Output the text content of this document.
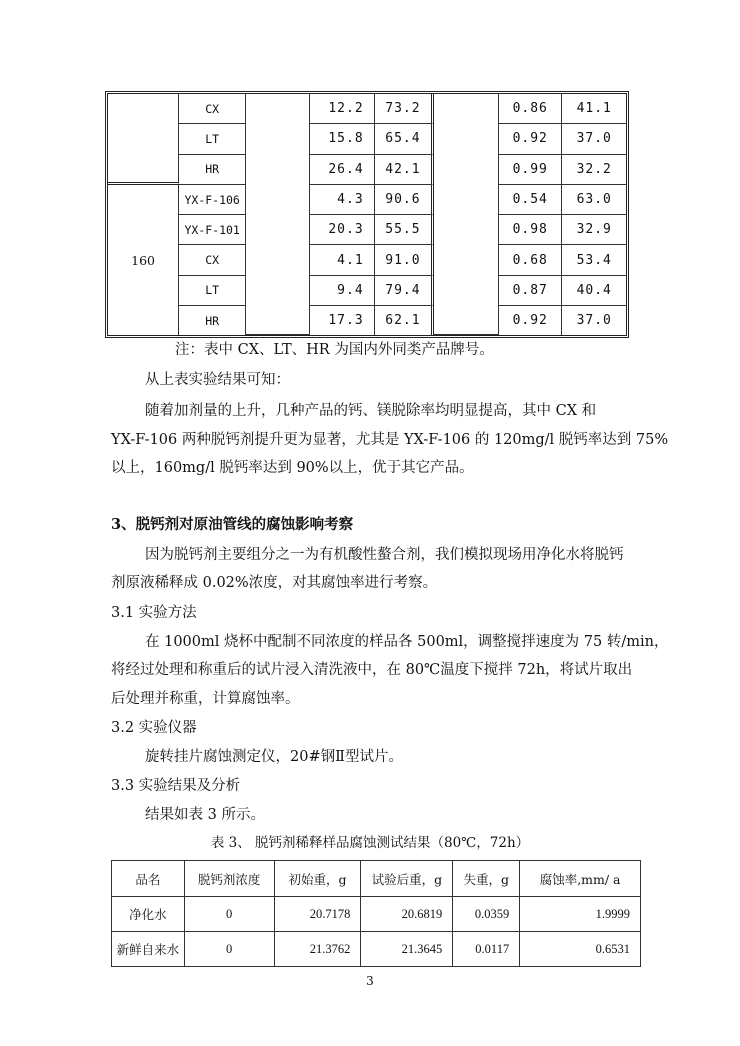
	CX		12.2	73.2		0.86	41.1
	LT		15.8	65.4		0.92	37.0
	HR		26.4	42.1		0.99	32.2
160	YX-F-106		4.3	90.6		0.54	63.0
	YX-F-101		20.3	55.5		0.98	32.9
	CX		4.1	91.0		0.68	53.4
	LT		9.4	79.4		0.87	40.4
	HR		17.3	62.1		0.92	37.0
注：表中 CX、LT、HR 为国内外同类产品牌号。
从上表实验结果可知：
随着加剂量的上升，几种产品的钙、镁脱除率均明显提高，其中 CX 和
YX-F-106 两种脱钙剂提升更为显著，尤其是 YX-F-106 的 120mg/l 脱钙率达到 75%
以上，160mg/l 脱钙率达到 90%以上，优于其它产品。
3、脱钙剂对原油管线的腐蚀影响考察
因为脱钙剂主要组分之一为有机酸性螯合剂，我们模拟现场用净化水将脱钙
剂原液稀释成 0.02%浓度，对其腐蚀率进行考察。
3.1 实验方法
在 1000ml 烧杯中配制不同浓度的样品各 500ml，调整搅拌速度为 75 转/min，
将经过处理和称重后的试片浸入清洗液中，在 80℃温度下搅拌 72h，将试片取出
后处理并称重，计算腐蚀率。
3.2 实验仪器
旋转挂片腐蚀测定仪，20#钢Ⅱ型试片。
3.3 实验结果及分析
结果如表 3 所示。
表 3、 脱钙剂稀释样品腐蚀测试结果（80℃，72h）
品名	脱钙剂浓度	初始重，g	试验后重，g	失重，g	腐蚀率,mm/ a
净化水	0	20.7178	20.6819	0.0359	1.9999
新鲜自来水	0	21.3762	21.3645	0.0117	0.6531
3
